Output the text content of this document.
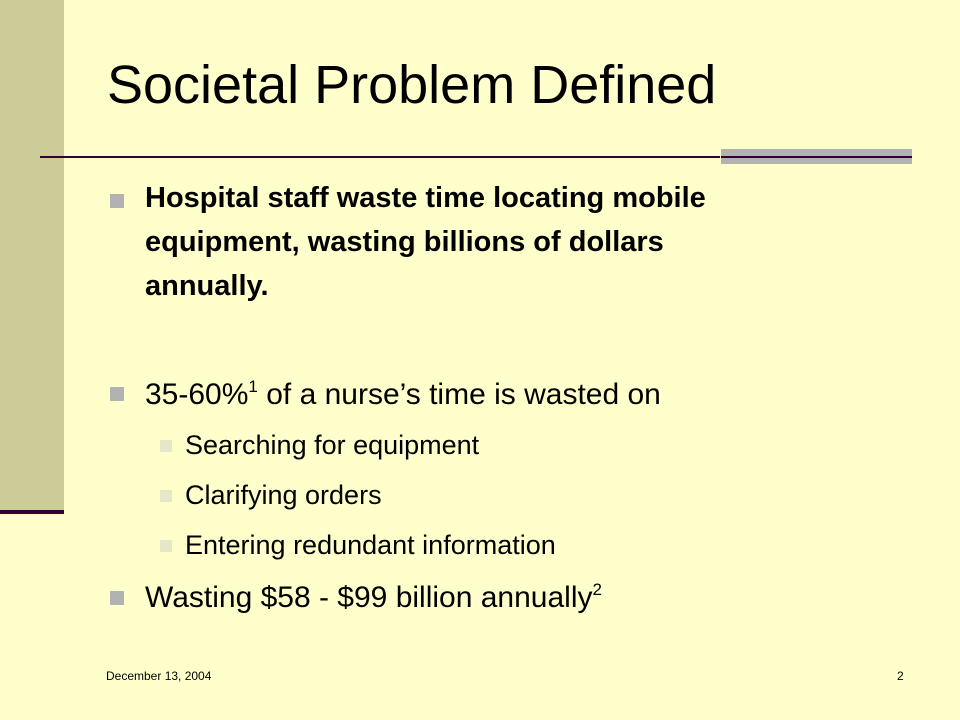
Societal Problem Defined
Hospital staff waste time locating mobile
equipment, wasting billions of dollars
annually.
35-60%$^1$ of a nurse’s time is wasted on
Searching for equipment
Clarifying orders
Entering redundant information
Wasting $58 - $99 billion annually$^2$
December 13, 2004	2
